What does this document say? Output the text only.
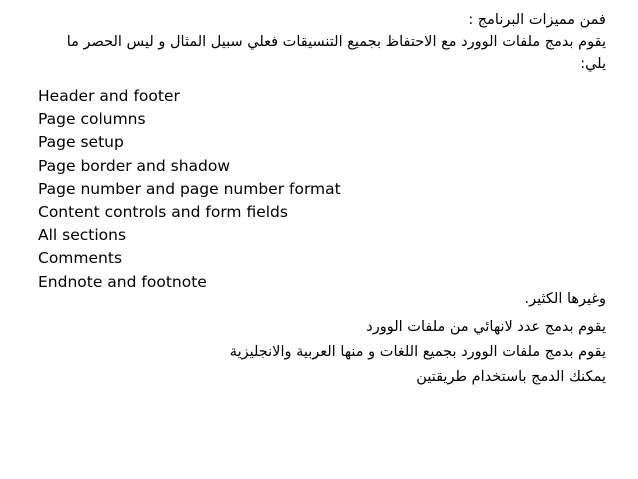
فمن مميزات البرنامج :
يقوم بدمج ملفات الوورد مع الاحتفاظ بجميع التنسيقات فعلي سبيل المثال و ليس الحصر ما
يلي:
Header and footer
Page columns
Page setup
Page border and shadow
Page number and page number format
Content controls and form fields
All sections
Comments
Endnote and footnote
وغيرها الكثير.
يقوم بدمج عدد لانهائي من ملفات الوورد
يقوم بدمج ملفات الوورد بجميع اللغات و منها العربية والانجليزية
يمكنك الدمج باستخدام طريقتين
